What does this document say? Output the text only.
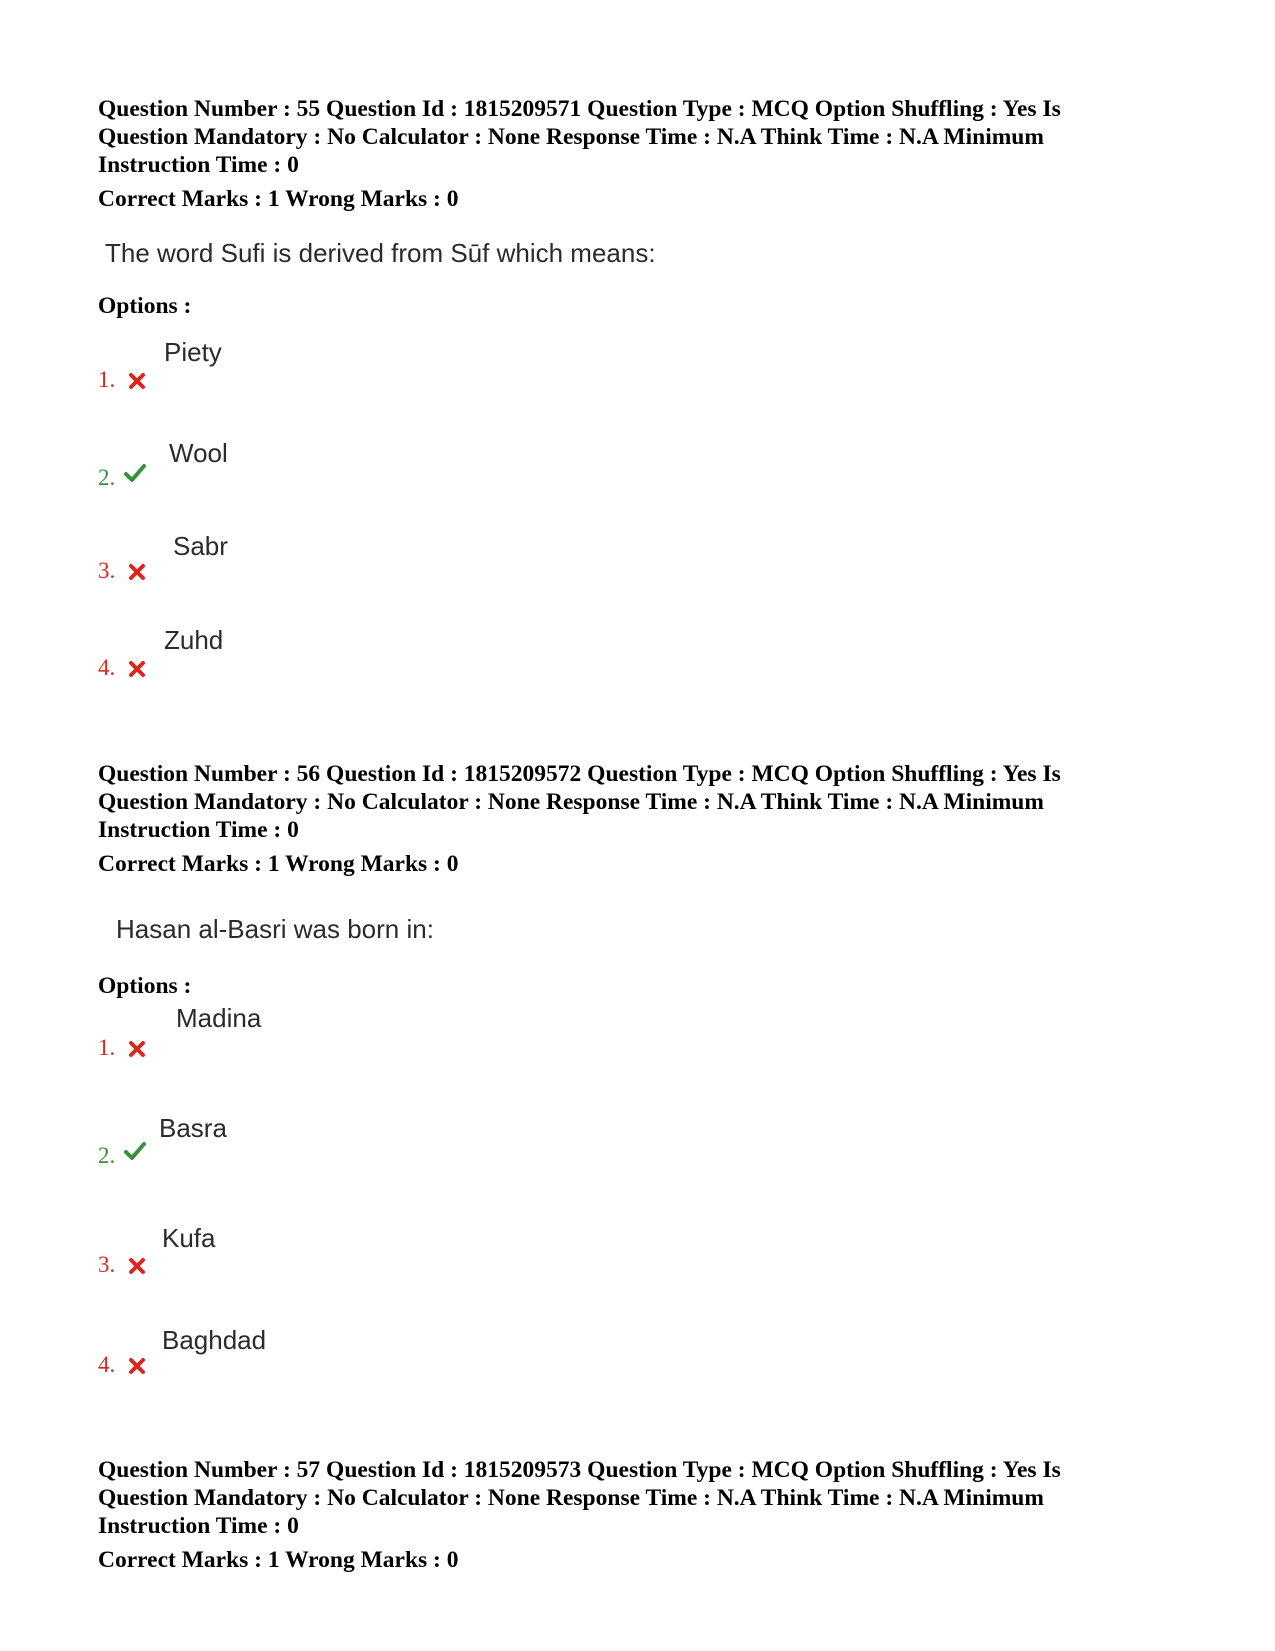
Question Number : 55 Question Id : 1815209571 Question Type : MCQ Option Shuffling : Yes Is
Question Mandatory : No Calculator : None Response Time : N.A Think Time : N.A Minimum
Instruction Time : 0
Correct Marks : 1 Wrong Marks : 0
The word Sufi is derived from Sūf which means:
Options :
1.
Piety
2.
Wool
3.
Sabr
4.
Zuhd
Question Number : 56 Question Id : 1815209572 Question Type : MCQ Option Shuffling : Yes Is
Question Mandatory : No Calculator : None Response Time : N.A Think Time : N.A Minimum
Instruction Time : 0
Correct Marks : 1 Wrong Marks : 0
Hasan al-Basri was born in:
Options :
1.
Madina
2.
Basra
3.
Kufa
4.
Baghdad
Question Number : 57 Question Id : 1815209573 Question Type : MCQ Option Shuffling : Yes Is
Question Mandatory : No Calculator : None Response Time : N.A Think Time : N.A Minimum
Instruction Time : 0
Correct Marks : 1 Wrong Marks : 0
